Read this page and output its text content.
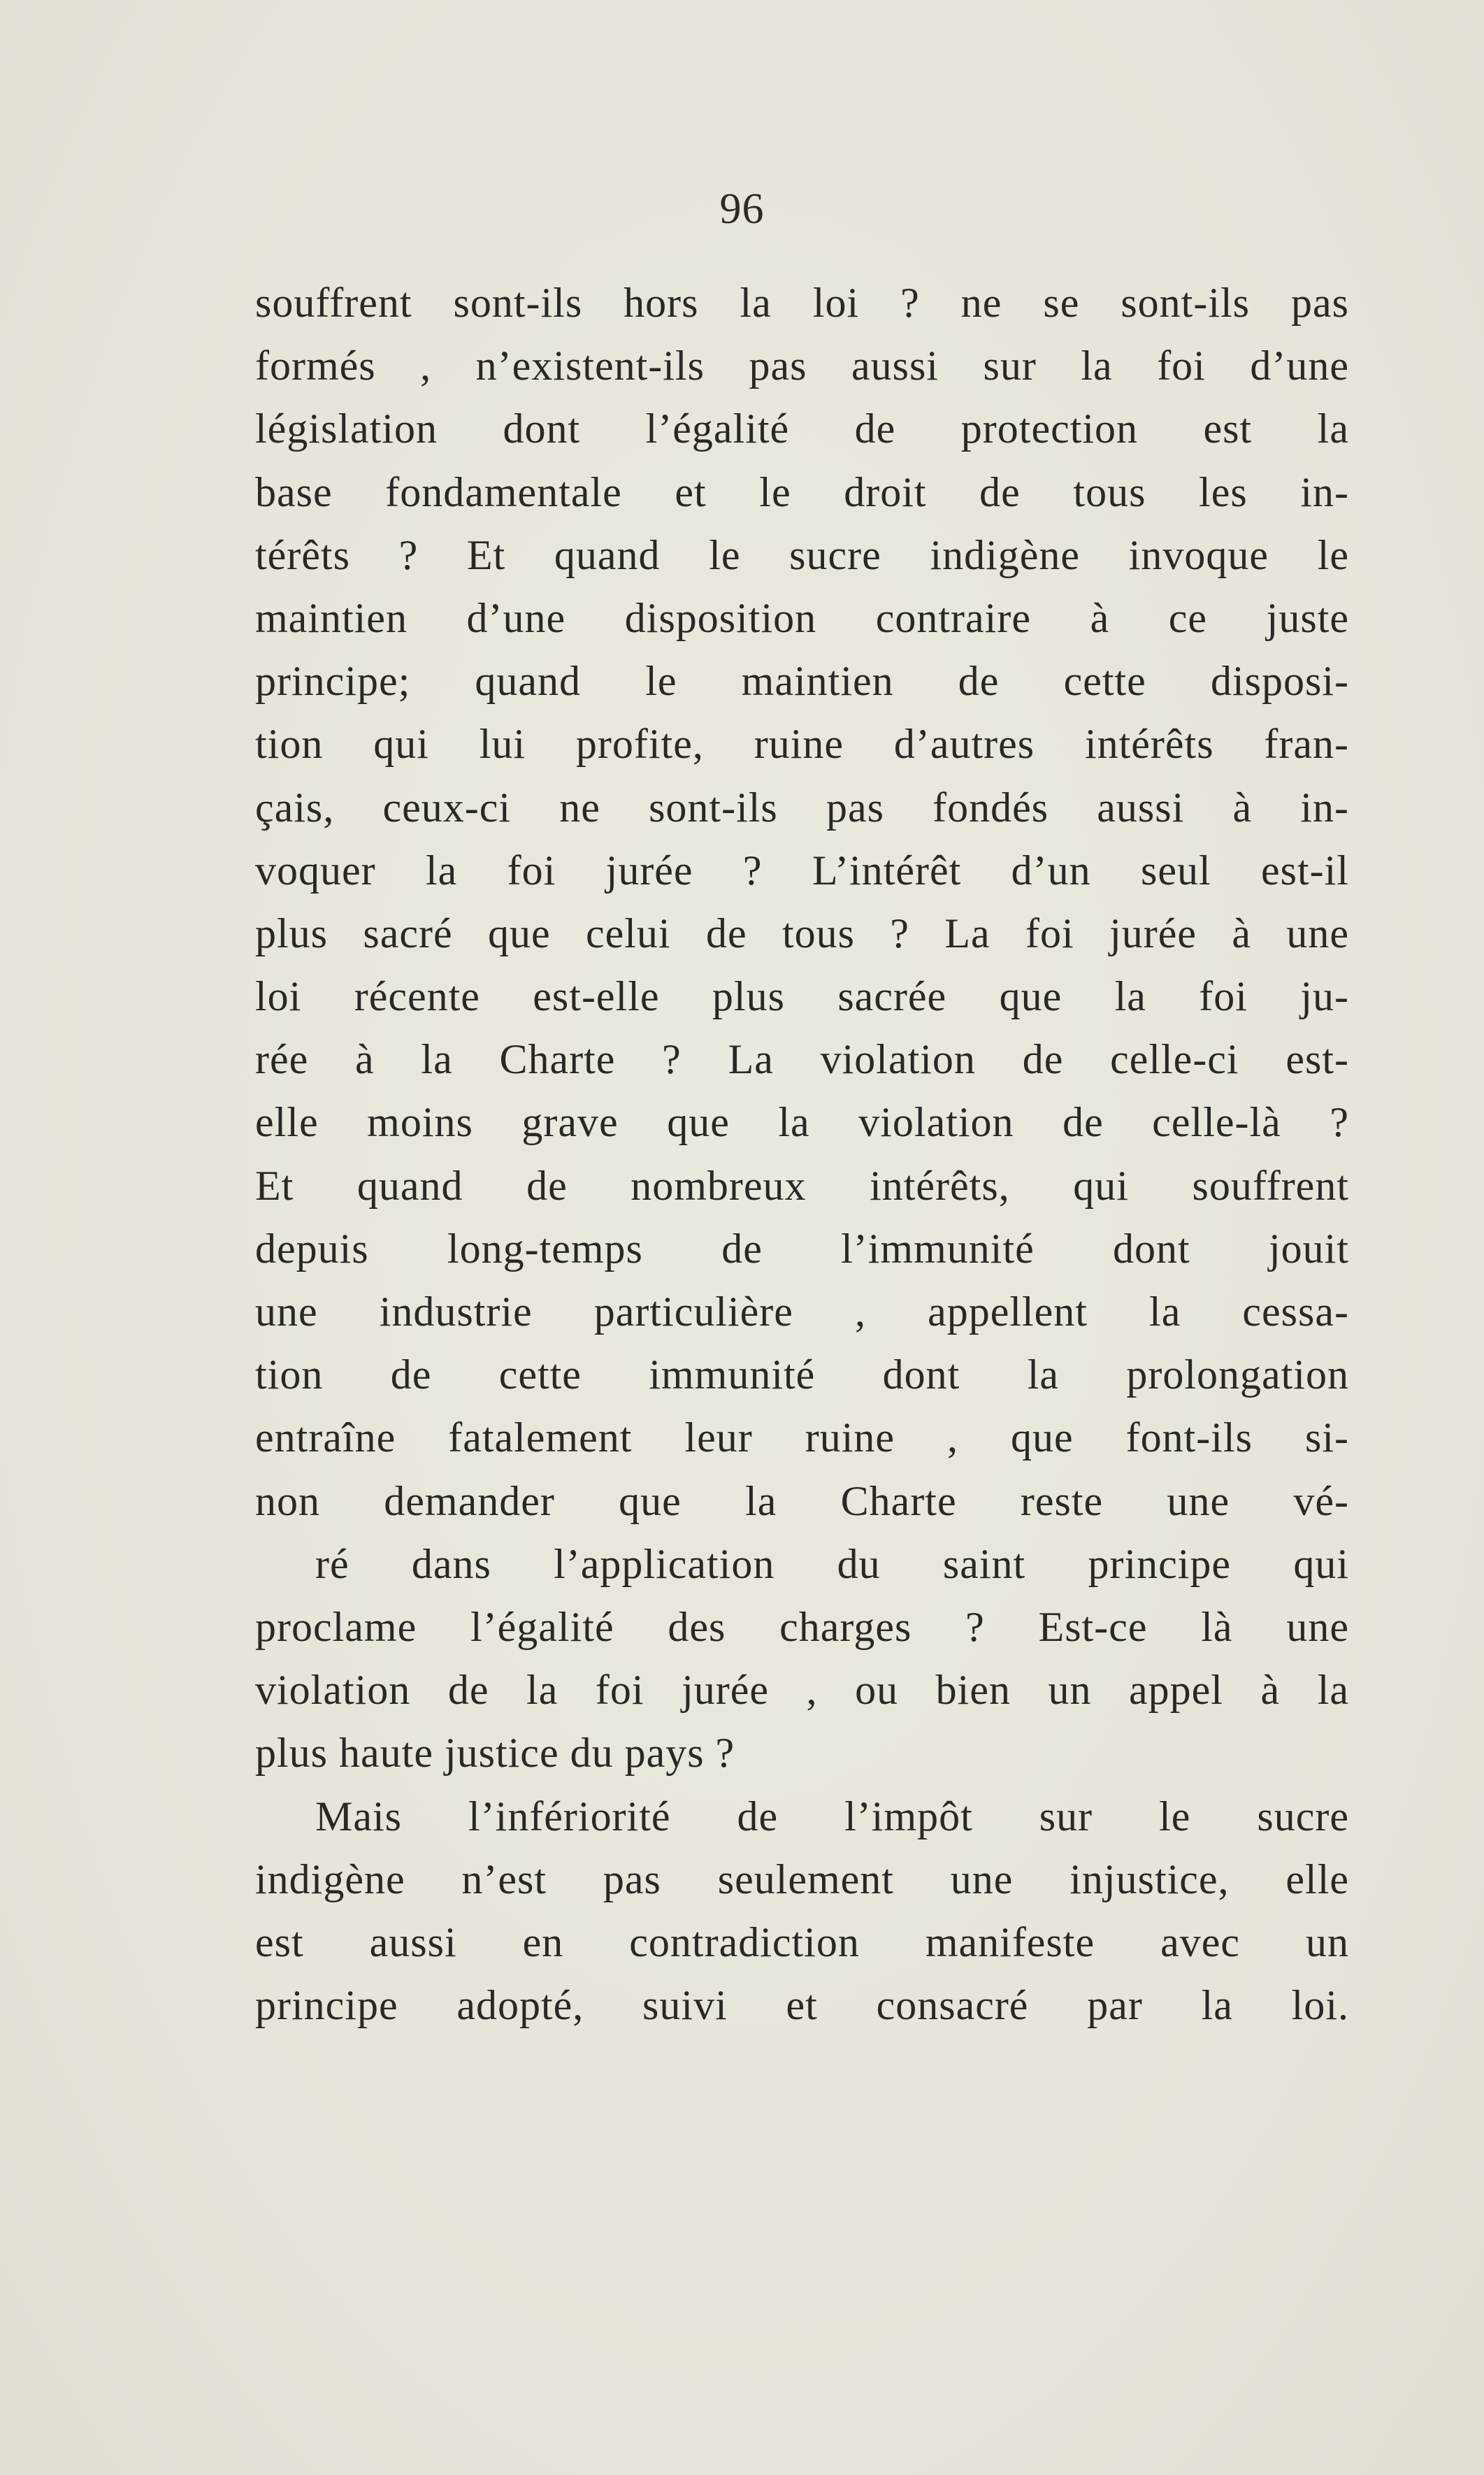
96
souffrent sont-ils hors la loi ? ne se sont-ils pas
formés , n’existent-ils pas aussi sur la foi d’une
législation dont l’égalité de protection est la
base fondamentale et le droit de tous les in-
térêts ? Et quand le sucre indigène invoque le
maintien d’une disposition contraire à ce juste
principe; quand le maintien de cette disposi-
tion qui lui profite, ruine d’autres intérêts fran-
çais, ceux-ci ne sont-ils pas fondés aussi à in-
voquer la foi jurée ? L’intérêt d’un seul est-il
plus sacré que celui de tous ? La foi jurée à une
loi récente est-elle plus sacrée que la foi ju-
rée à la Charte ? La violation de celle-ci est-
elle moins grave que la violation de celle-là ?
Et quand de nombreux intérêts, qui souffrent
depuis long-temps de l’immunité dont jouit
une industrie particulière , appellent la cessa-
tion de cette immunité dont la prolongation
entraîne fatalement leur ruine , que font-ils si-
non demander que la Charte reste une vé-
ré dans l’application du saint principe qui
proclame l’égalité des charges ? Est-ce là une
violation de la foi jurée , ou bien un appel à la
plus haute justice du pays ?
Mais l’infériorité de l’impôt sur le sucre
indigène n’est pas seulement une injustice, elle
est aussi en contradiction manifeste avec un
principe adopté, suivi et consacré par la loi.
